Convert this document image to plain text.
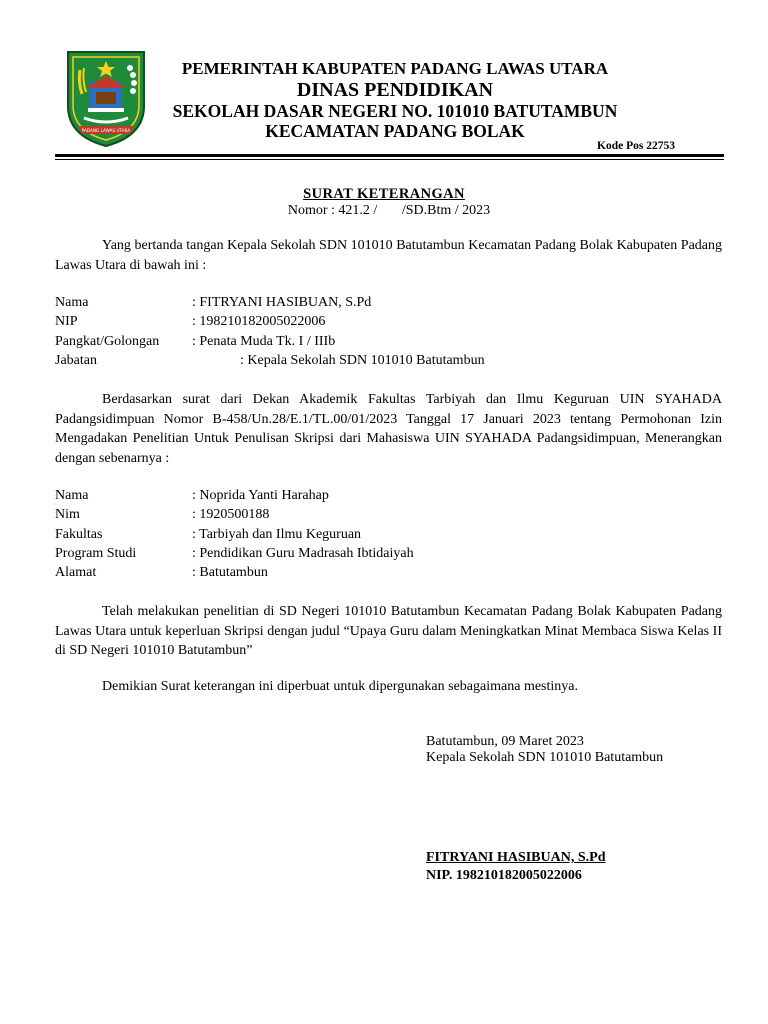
PADANG LAWAS UTARA
PEMERINTAH KABUPATEN PADANG LAWAS UTARA
DINAS PENDIDIKAN
SEKOLAH DASAR NEGERI NO. 101010 BATUTAMBUN
KECAMATAN PADANG BOLAK
Kode Pos 22753
SURAT KETERANGAN
Nomor : 421.2 /       /SD.Btm / 2023
Yang bertanda tangan Kepala Sekolah SDN 101010 Batutambun Kecamatan Padang Bolak Kabupaten Padang Lawas Utara di bawah ini :
Nama	: FITRYANI HASIBUAN, S.Pd
NIP	: 198210182005022006
Pangkat/Golongan : Penata Muda Tk. I / IIIb
Jabatan	: Kepala Sekolah SDN 101010 Batutambun
Berdasarkan surat dari Dekan Akademik Fakultas Tarbiyah dan Ilmu Keguruan UIN SYAHADA Padangsidimpuan Nomor B-458/Un.28/E.1/TL.00/01/2023 Tanggal 17 Januari 2023 tentang Permohonan Izin Mengadakan Penelitian Untuk Penulisan Skripsi dari Mahasiswa UIN SYAHADA Padangsidimpuan, Menerangkan dengan sebenarnya :
Nama	: Noprida Yanti Harahap
Nim	: 1920500188
Fakultas	: Tarbiyah dan Ilmu Keguruan
Program Studi	: Pendidikan Guru Madrasah Ibtidaiyah
Alamat	: Batutambun
Telah melakukan penelitian di SD Negeri 101010 Batutambun Kecamatan Padang Bolak Kabupaten Padang Lawas Utara untuk keperluan Skripsi dengan judul “Upaya Guru dalam Meningkatkan Minat Membaca Siswa Kelas II di SD Negeri 101010 Batutambun”
Demikian Surat keterangan ini diperbuat untuk dipergunakan sebagaimana mestinya.
Batutambun, 09 Maret 2023
Kepala Sekolah SDN 101010 Batutambun
FITRYANI HASIBUAN, S.Pd
NIP. 198210182005022006
